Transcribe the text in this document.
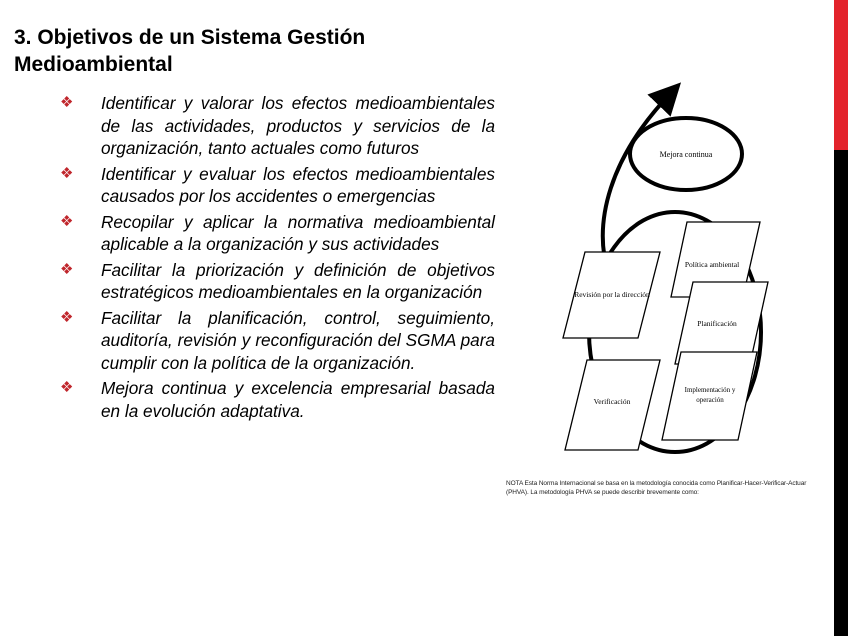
3. Objetivos de un Sistema Gestión
Medioambiental
❖ Identificar y valorar los efectos medioambientales de las actividades, productos y servicios de la organización, tanto actuales como futuros
❖ Identificar y evaluar los efectos medioambientales causados por los accidentes o emergencias
❖ Recopilar y aplicar la normativa medioambiental aplicable a la organización y sus actividades
❖ Facilitar la priorización y definición de objetivos estratégicos medioambientales en la organización
❖ Facilitar la planificación, control, seguimiento, auditoría, revisión y reconfiguración del SGMA para cumplir con la política de la organización.
❖ Mejora continua y excelencia empresarial basada en la evolución adaptativa.
Mejora continua
Revisión por la dirección
Política ambiental
Planificación
Verificación
Implementación y
operación
NOTA Esta Norma Internacional se basa en la metodología conocida como Planificar-Hacer-Verificar-Actuar (PHVA). La metodología PHVA se puede describir brevemente como:
